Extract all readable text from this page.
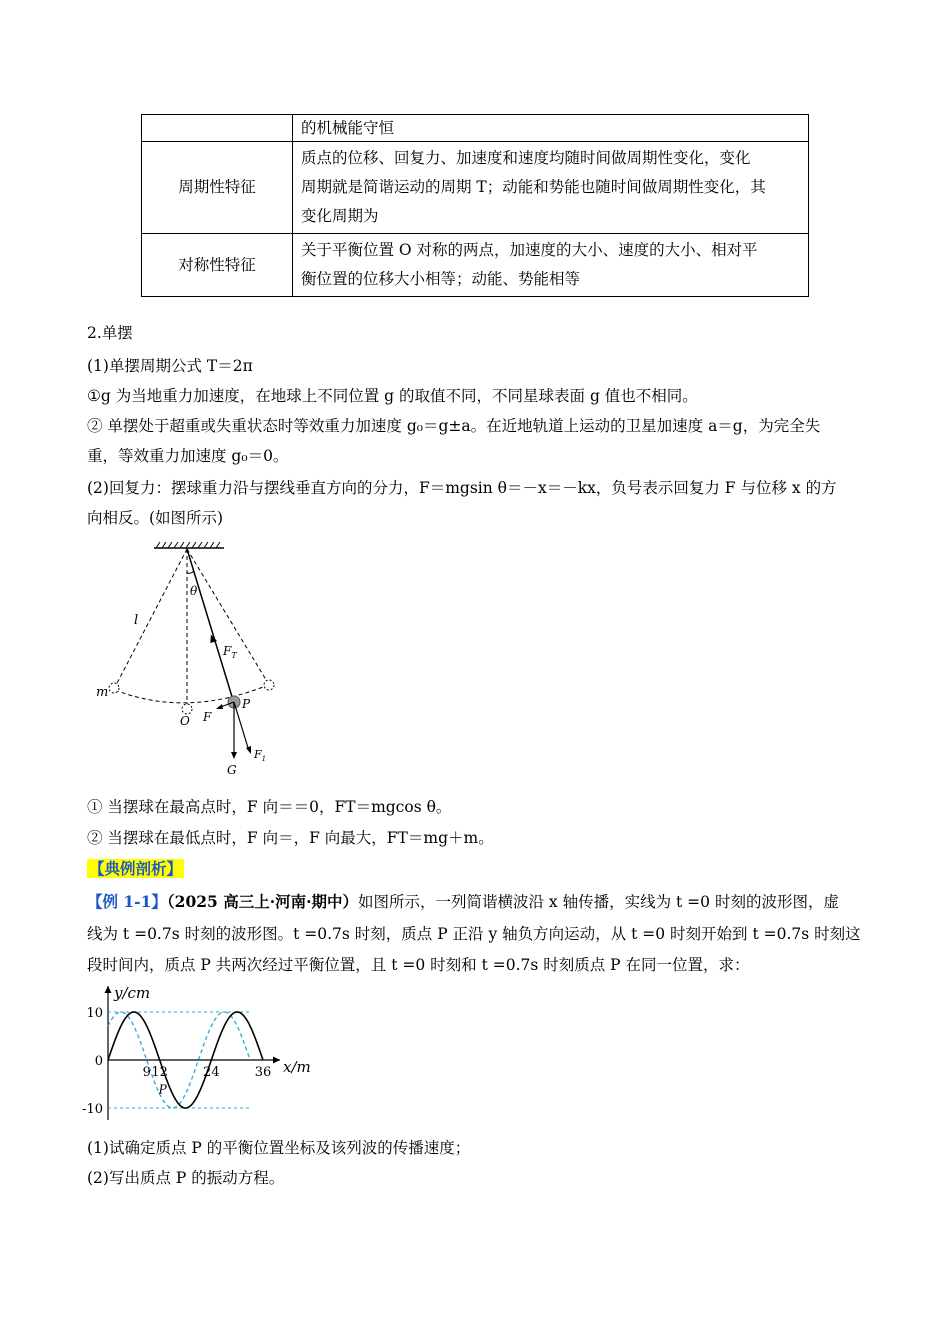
	的机械能守恒
周期性特征	质点的位移、回复力、加速度和速度均随时间做周期性变化，变化
周期就是简谐运动的周期 T；动能和势能也随时间做周期性变化，其
变化周期为

对称性特征	关于平衡位置 O 对称的两点，加速度的大小、速度的大小、相对平
衡位置的位移大小相等；动能、势能相等
2.单摆
(1)单摆周期公式 T＝2π
①g 为当地重力加速度，在地球上不同位置 g 的取值不同，不同星球表面 g 值也不相同。
② 单摆处于超重或失重状态时等效重力加速度 g₀＝g±a。在近地轨道上运动的卫星加速度 a＝g，为完全失
重，等效重力加速度 g₀＝0。
(2)回复力：摆球重力沿与摆线垂直方向的分力，F＝mgsin θ＝－x＝－kx，负号表示回复力 F 与位移 x 的方
向相反。(如图所示)
l
θ
$F_T$
m
O F
P
G
$F_1$
① 当摆球在最高点时，F 向＝＝0，FT＝mgcos θ。
② 当摆球在最低点时，F 向＝，F 向最大，FT＝mg＋m。
【典例剖析】
【例 1-1】（2025 高三上·河南·期中）如图所示，一列简谐横波沿 x 轴传播，实线为 t =0 时刻的波形图，虚
线为 t =0.7s 时刻的波形图。t =0.7s 时刻，质点 P 正沿 y 轴负方向运动，从 t =0 时刻开始到 t =0.7s 时刻这
段时间内，质点 P 共两次经过平衡位置，且 t =0 时刻和 t =0.7s 时刻质点 P 在同一位置，求：
y/cm
x/m
10
0
-10
9 12	24	36
P
(1)试确定质点 P 的平衡位置坐标及该列波的传播速度；
(2)写出质点 P 的振动方程。
